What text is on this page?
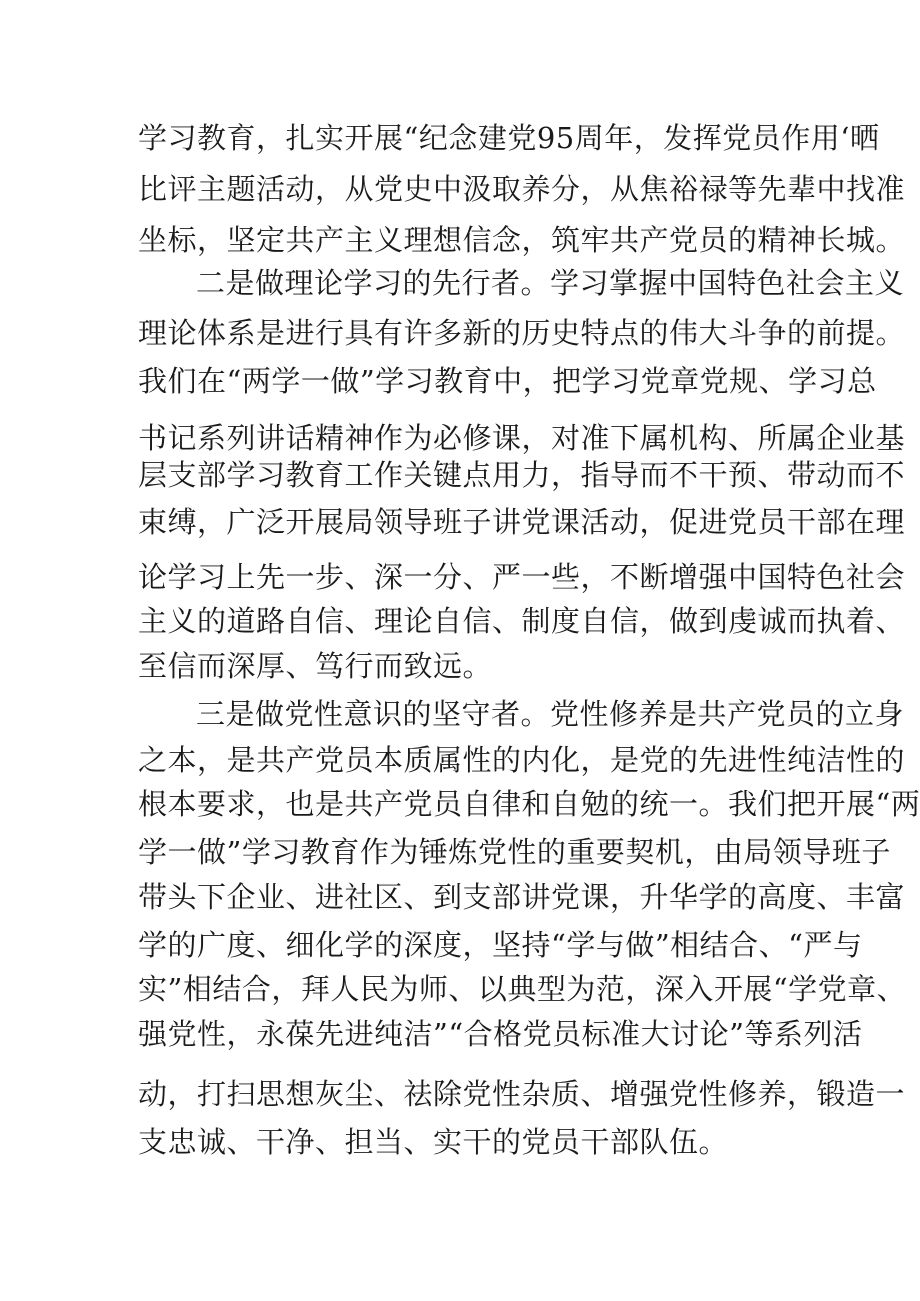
学习教育，扎实开展“纪念建党95周年，发挥党员作用‘晒
比评主题活动，从党史中汲取养分，从焦裕禄等先辈中找准
坐标，坚定共产主义理想信念，筑牢共产党员的精神长城。
二是做理论学习的先行者。学习掌握中国特色社会主义
理论体系是进行具有许多新的历史特点的伟大斗争的前提。
我们在“两学一做”学习教育中，把学习党章党规、学习总
书记系列讲话精神作为必修课，对准下属机构、所属企业基
层支部学习教育工作关键点用力，指导而不干预、带动而不
束缚，广泛开展局领导班子讲党课活动，促进党员干部在理
论学习上先一步、深一分、严一些，不断增强中国特色社会
主义的道路自信、理论自信、制度自信，做到虔诚而执着、
至信而深厚、笃行而致远。
三是做党性意识的坚守者。党性修养是共产党员的立身
之本，是共产党员本质属性的内化，是党的先进性纯洁性的
根本要求，也是共产党员自律和自勉的统一。我们把开展“两
学一做”学习教育作为锤炼党性的重要契机，由局领导班子
带头下企业、进社区、到支部讲党课，升华学的高度、丰富
学的广度、细化学的深度，坚持“学与做”相结合、“严与
实”相结合，拜人民为师、以典型为范，深入开展“学党章、
强党性，永葆先进纯洁”“合格党员标准大讨论”等系列活
动，打扫思想灰尘、祛除党性杂质、增强党性修养，锻造一
支忠诚、干净、担当、实干的党员干部队伍。
